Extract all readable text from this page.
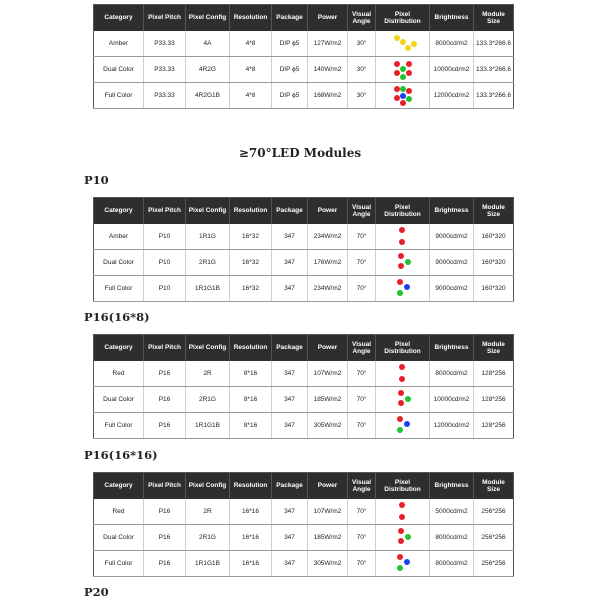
Category	Pixel Pitch	Pixel Config	Resolution	Package	Power	Visual Angle	Pixel Distribution	Brightness	Module Size
Amber	P33.33	4A	4*8	DIP ϕ5	127W/m2	30°		8000cd/m2	133.3*266.6
Dual Color	P33.33	4R2G	4*8	DIP ϕ5	140W/m2	30°		10000cd/m2	133.3*266.6
Full Color	P33.33	4R2G1B	4*8	DIP ϕ5	168W/m2	30°		12000cd/m2	133.3*266.6
≥70°LED Modules
P10
Category	Pixel Pitch	Pixel Config	Resolution	Package	Power	Visual Angle	Pixel Distribution	Brightness	Module Size
Amber	P10	1R1G	16*32	347	234W/m2	70°		9000cd/m2	160*320
Dual Color	P10	2R1G	16*32	347	176W/m2	70°		9000cd/m2	160*320
Full Color	P10	1R1G1B	16*32	347	234W/m2	70°		9000cd/m2	160*320
P16(16*8)
Category	Pixel Pitch	Pixel Config	Resolution	Package	Power	Visual Angle	Pixel Distribution	Brightness	Module Size
Red	P16	2R	8*16	347	107W/m2	70°		8000cd/m2	128*256
Dual Color	P16	2R1G	8*16	347	185W/m2	70°		10000cd/m2	128*256
Full Color	P16	1R1G1B	8*16	347	305W/m2	70°		12000cd/m2	128*256
P16(16*16)
Category	Pixel Pitch	Pixel Config	Resolution	Package	Power	Visual Angle	Pixel Distribution	Brightness	Module Size
Red	P16	2R	16*16	347	107W/m2	70°		5000cd/m2	256*256
Dual Color	P16	2R1G	16*16	347	185W/m2	70°		8000cd/m2	256*256
Full Color	P16	1R1G1B	16*16	347	305W/m2	70°		8000cd/m2	256*256
P20
